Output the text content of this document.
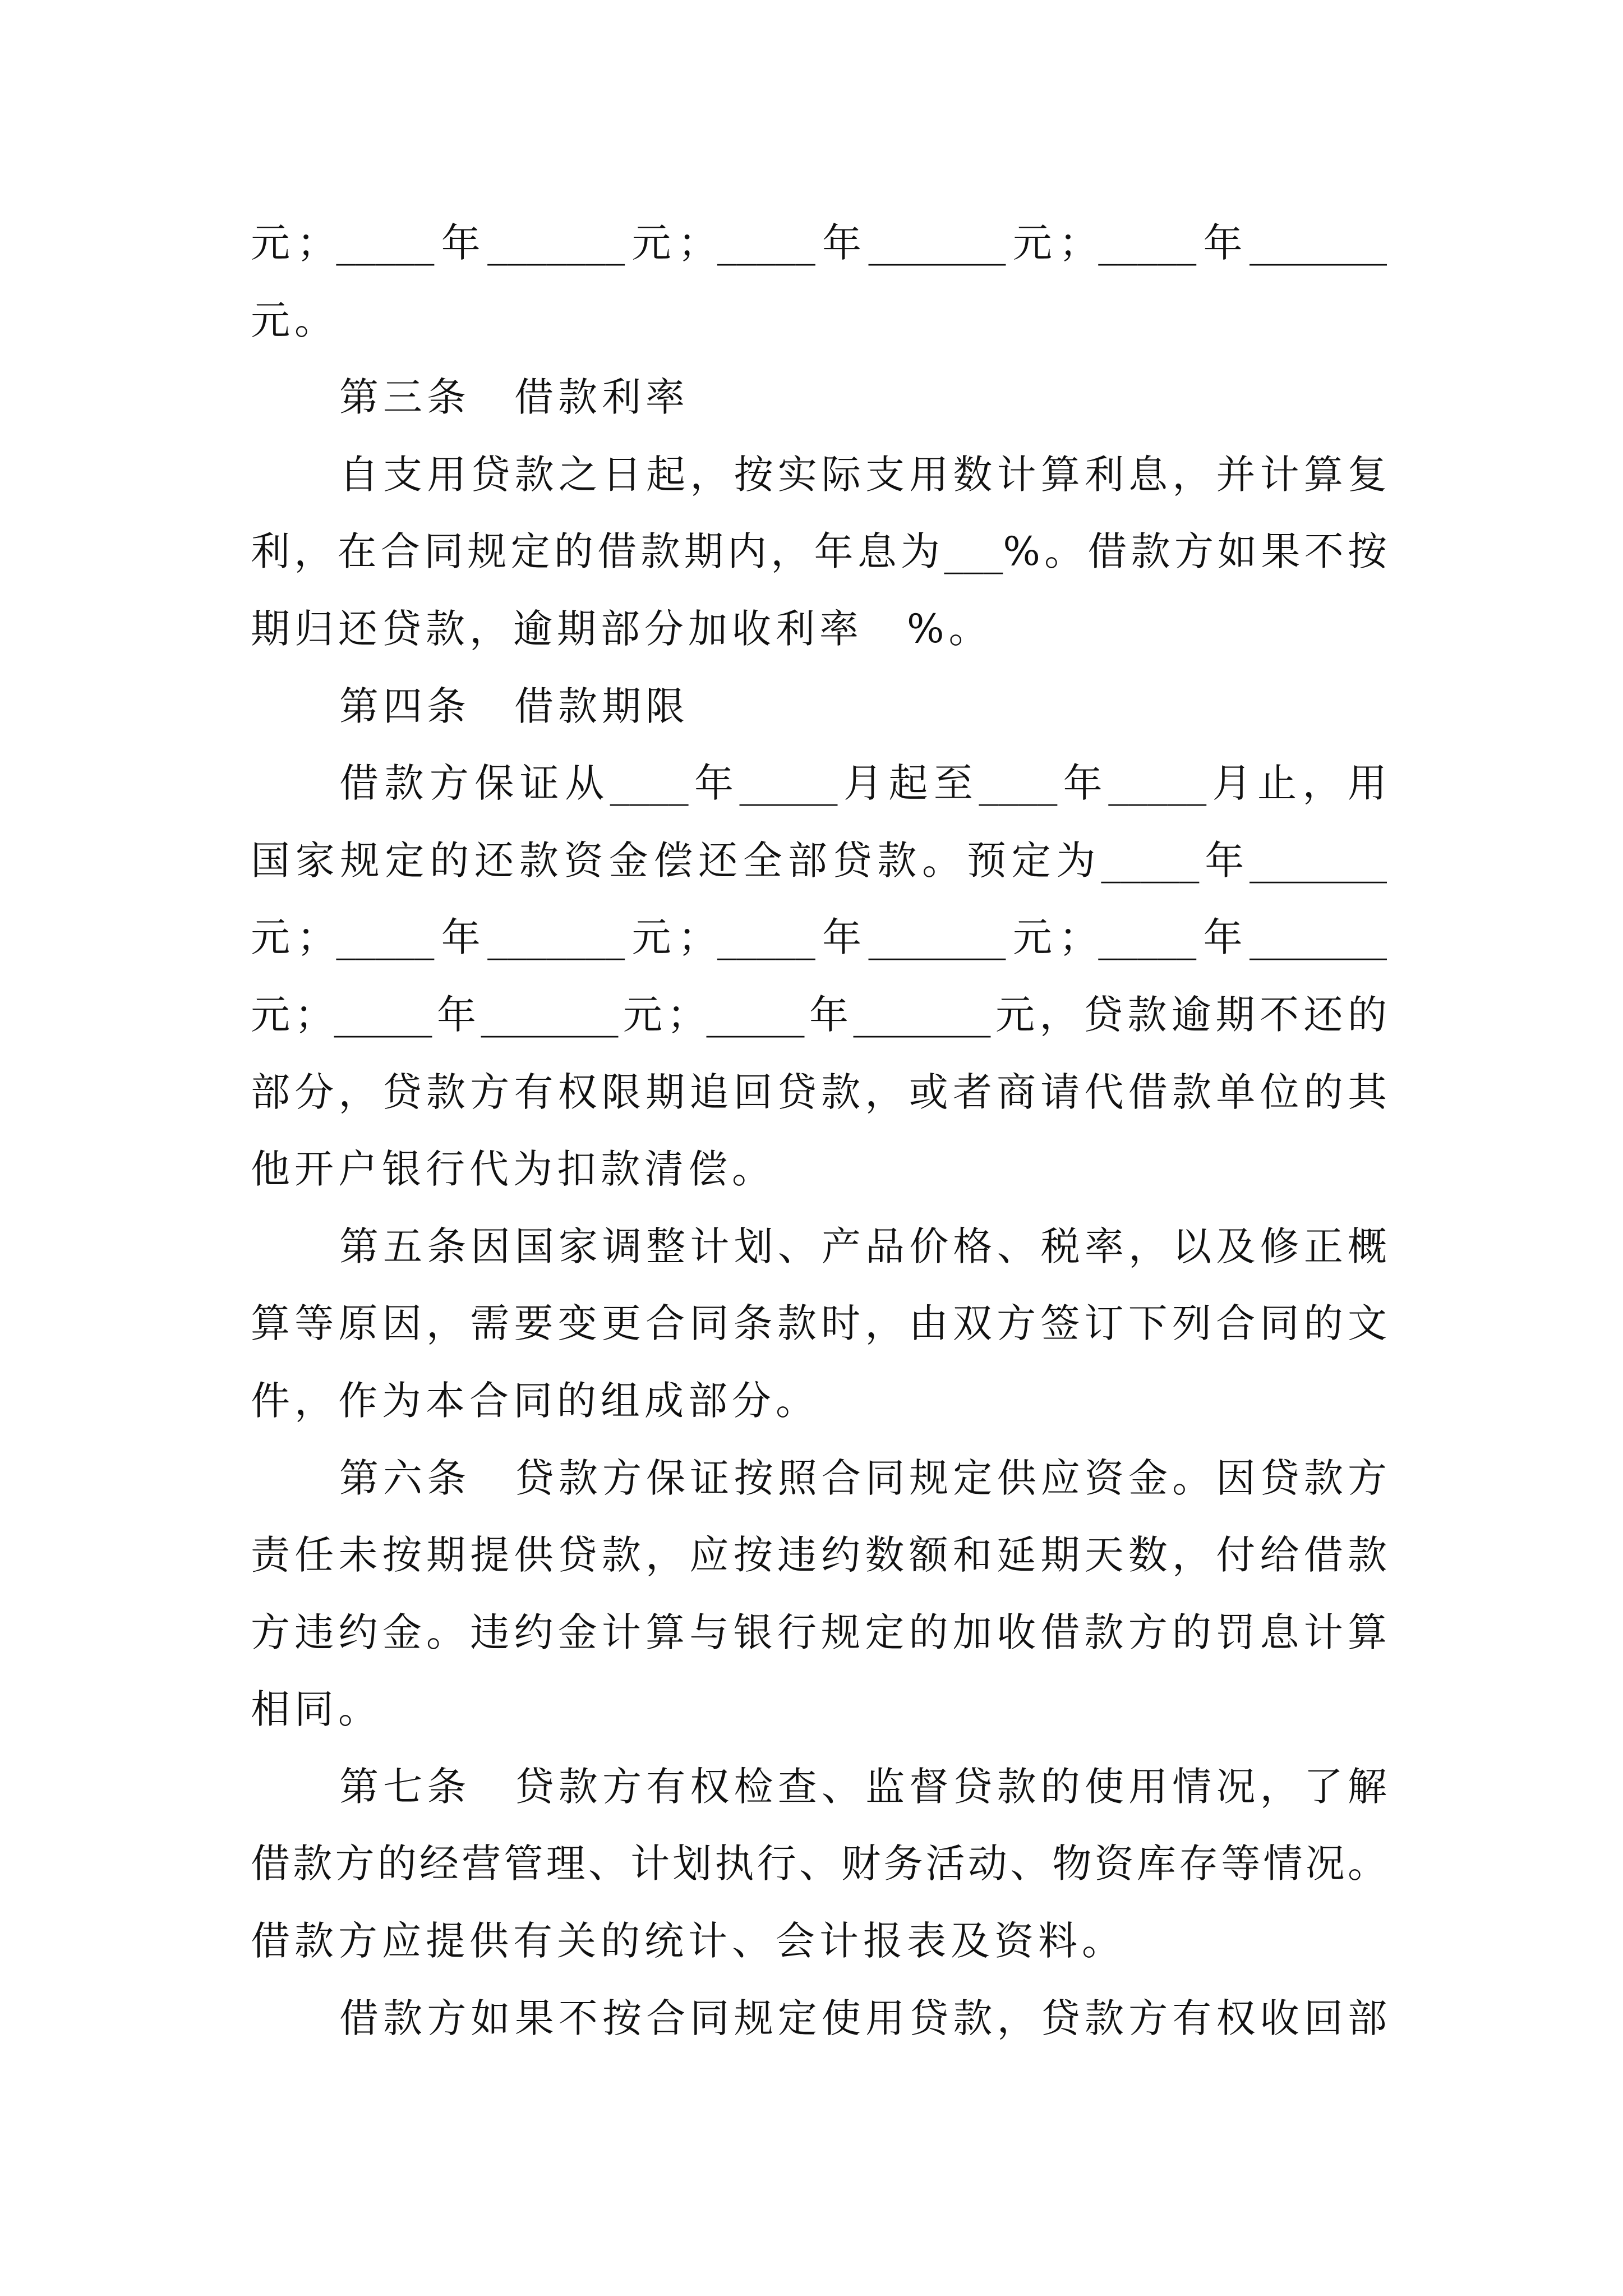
元；_____年_______元；_____年_______元；_____年_______
元。
第三条　借款利率
自支用贷款之日起，按实际支用数计算利息，并计算复
利，在合同规定的借款期内，年息为___%。借款方如果不按
期归还贷款，逾期部分加收利率　%。
第四条　借款期限
借款方保证从____年_____月起至____年_____月止，用
国家规定的还款资金偿还全部贷款。预定为_____年_______
元；_____年_______元；_____年_______元；_____年_______
元；_____年_______元；_____年_______元，贷款逾期不还的
部分，贷款方有权限期追回贷款，或者商请代借款单位的其
他开户银行代为扣款清偿。
第五条因国家调整计划、产品价格、税率，以及修正概
算等原因，需要变更合同条款时，由双方签订下列合同的文
件，作为本合同的组成部分。
第六条　贷款方保证按照合同规定供应资金。因贷款方
责任未按期提供贷款，应按违约数额和延期天数，付给借款
方违约金。违约金计算与银行规定的加收借款方的罚息计算
相同。
第七条　贷款方有权检查、监督贷款的使用情况，了解
借款方的经营管理、计划执行、财务活动、物资库存等情况。
借款方应提供有关的统计、会计报表及资料。
借款方如果不按合同规定使用贷款，贷款方有权收回部
